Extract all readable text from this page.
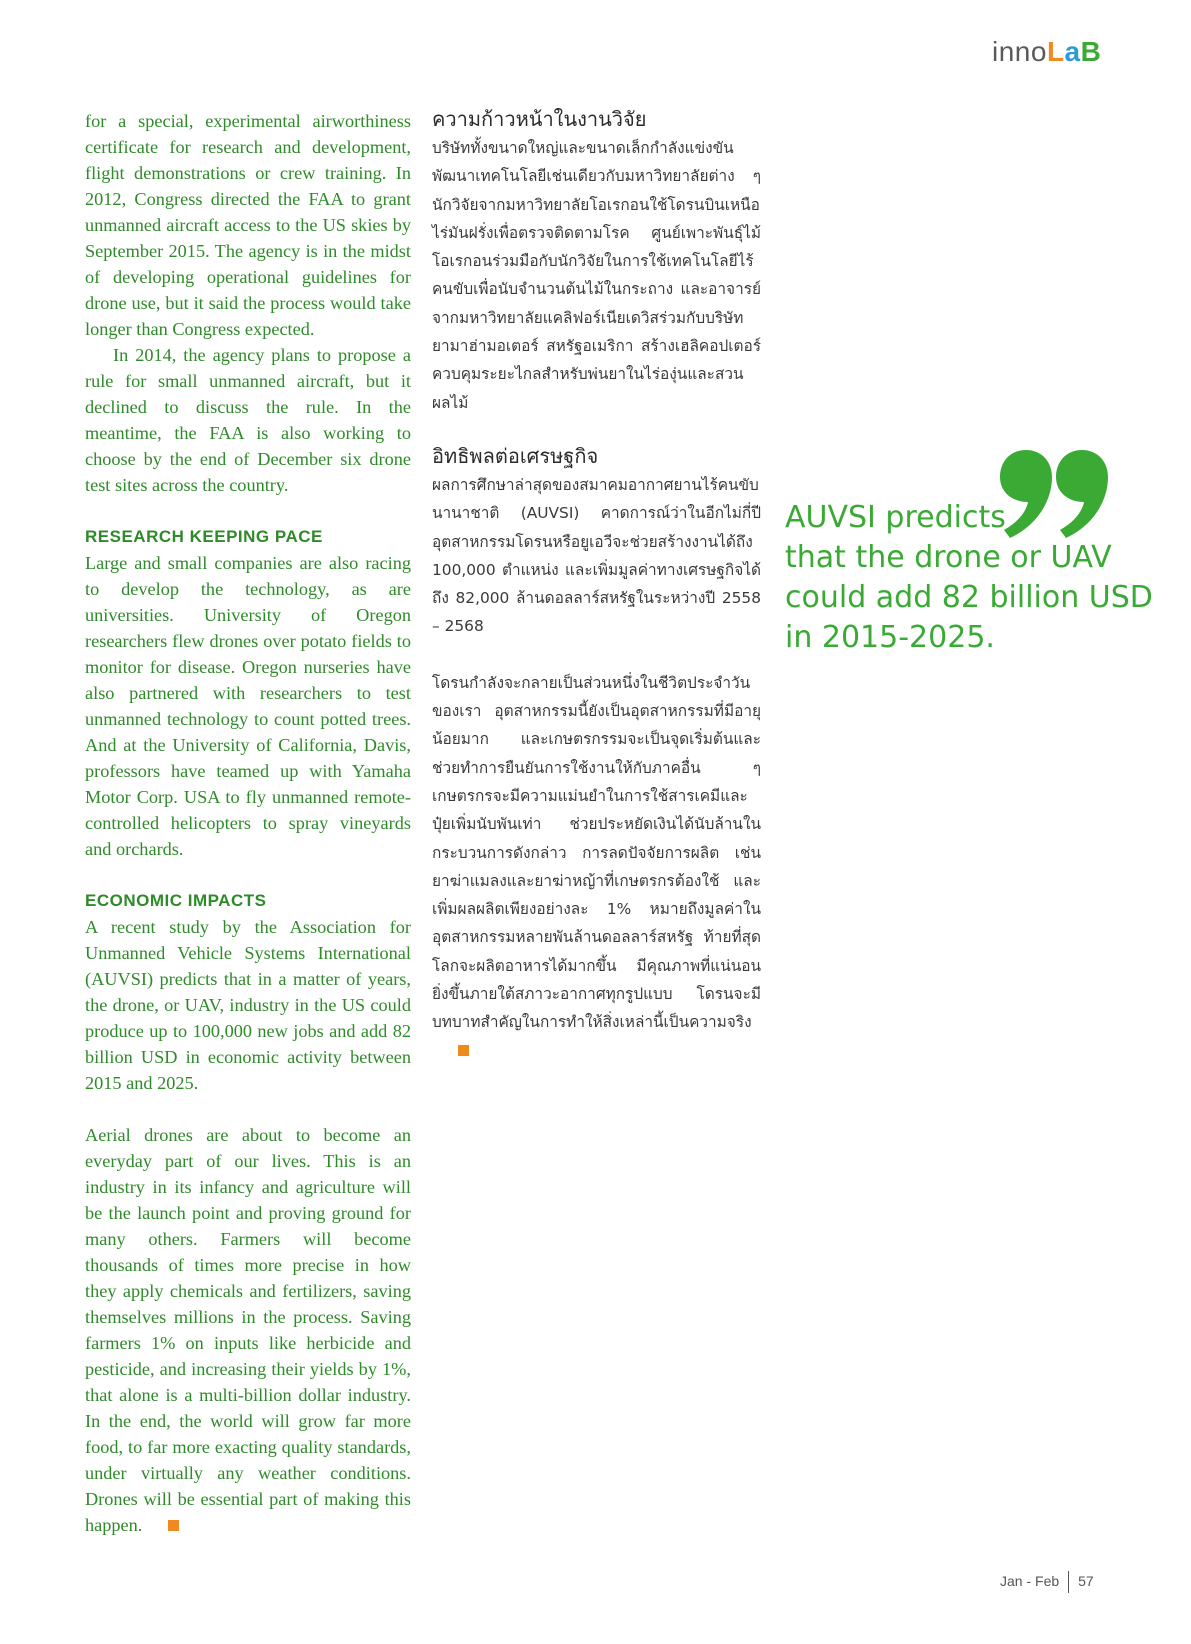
innoLaB

for a special, experimental airworthiness certificate for research and development, flight demonstrations or crew training. In 2012, Congress directed the FAA to grant unmanned aircraft access to the US skies by September 2015. The agency is in the midst of developing operational guidelines for drone use, but it said the process would take longer than Congress expected.

In 2014, the agency plans to propose a rule for small unmanned aircraft, but it declined to discuss the rule. In the meantime, the FAA is also working to choose by the end of December six drone test sites across the country.

RESEARCH KEEPING PACE

Large and small companies are also racing to develop the technology, as are universities. University of Oregon researchers flew drones over potato fields to monitor for disease. Oregon nurseries have also partnered with researchers to test unmanned technology to count potted trees. And at the University of California, Davis, professors have teamed up with Yamaha Motor Corp. USA to fly unmanned remote-controlled helicopters to spray vineyards and orchards.

ECONOMIC IMPACTS

A recent study by the Association for Unmanned Vehicle Systems International (AUVSI) predicts that in a matter of years, the drone, or UAV, industry in the US could produce up to 100,000 new jobs and add 82 billion USD in economic activity between 2015 and 2025.

Aerial drones are about to become an everyday part of our lives. This is an industry in its infancy and agriculture will be the launch point and proving ground for many others. Farmers will become thousands of times more precise in how they apply chemicals and fertilizers, saving themselves millions in the process. Saving farmers 1% on inputs like herbicide and pesticide, and increasing their yields by 1%, that alone is a multi-billion dollar industry. In the end, the world will grow far more food, to far more exacting quality standards, under virtually any weather conditions. Drones will be essential part of making this happen.

ความก้าวหน้าในงานวิจัย

บริษัททั้งขนาดใหญ่และขนาดเล็กกำลังแข่งขันพัฒนาเทคโนโลยีเช่นเดียวกับมหาวิทยาลัยต่าง ๆ นักวิจัยจากมหาวิทยาลัยโอเรกอนใช้โดรนบินเหนือไร่มันฝรั่งเพื่อตรวจติดตามโรค ศูนย์เพาะพันธุ์ไม้โอเรกอนร่วมมือกับนักวิจัยในการใช้เทคโนโลยีไร้คนขับเพื่อนับจำนวนต้นไม้ในกระถาง และอาจารย์จากมหาวิทยาลัยแคลิฟอร์เนียเดวิสร่วมกับบริษัทยามาฮ่ามอเตอร์ สหรัฐอเมริกา สร้างเฮลิคอปเตอร์ควบคุมระยะไกลสำหรับพ่นยาในไร่องุ่นและสวนผลไม้

อิทธิพลต่อเศรษฐกิจ

ผลการศึกษาล่าสุดของสมาคมอากาศยานไร้คนขับนานาชาติ (AUVSI) คาดการณ์ว่าในอีกไม่กี่ปี อุตสาหกรรมโดรนหรือยูเอวีจะช่วยสร้างงานได้ถึง 100,000 ตำแหน่ง และเพิ่มมูลค่าทางเศรษฐกิจได้ถึง 82,000 ล้านดอลลาร์สหรัฐในระหว่างปี 2558 – 2568

โดรนกำลังจะกลายเป็นส่วนหนึ่งในชีวิตประจำวันของเรา อุตสาหกรรมนี้ยังเป็นอุตสาหกรรมที่มีอายุน้อยมาก และเกษตรกรรมจะเป็นจุดเริ่มต้นและช่วยทำการยืนยันการใช้งานให้กับภาคอื่น ๆ เกษตรกรจะมีความแม่นยำในการใช้สารเคมีและปุ๋ยเพิ่มนับพันเท่า ช่วยประหยัดเงินได้นับล้านในกระบวนการดังกล่าว การลดปัจจัยการผลิต เช่น ยาฆ่าแมลงและยาฆ่าหญ้าที่เกษตรกรต้องใช้ และเพิ่มผลผลิตเพียงอย่างละ 1% หมายถึงมูลค่าในอุตสาหกรรมหลายพันล้านดอลลาร์สหรัฐ ท้ายที่สุด โลกจะผลิตอาหารได้มากขึ้น มีคุณภาพที่แน่นอนยิ่งขึ้นภายใต้สภาวะอากาศทุกรูปแบบ โดรนจะมีบทบาทสำคัญในการทำให้สิ่งเหล่านี้เป็นความจริง

AUVSI predicts
that the drone or UAV
could add 82 billion USD
in 2015-2025.
Jan - Feb 57
